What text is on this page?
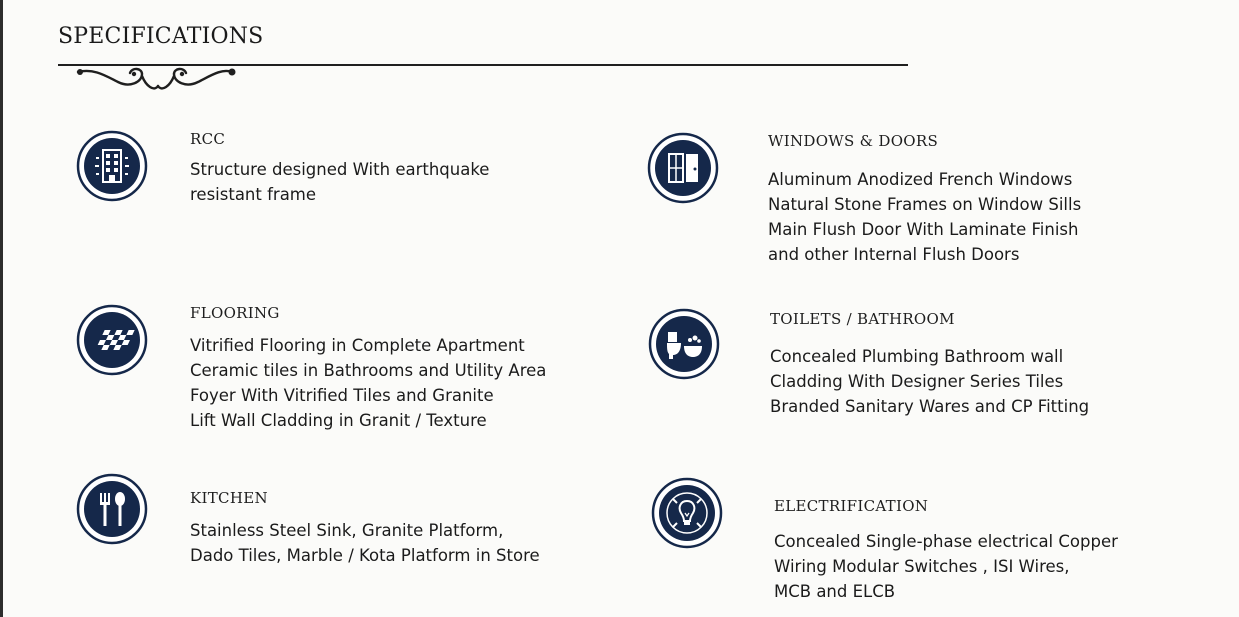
SPECIFICATIONS
RCC
Structure designed With earthquake
resistant frame
WINDOWS & DOORS
Aluminum Anodized French Windows
Natural Stone Frames on Window Sills
Main Flush Door With Laminate Finish
and other Internal Flush Doors
FLOORING
Vitrified Flooring in Complete Apartment
Ceramic tiles in Bathrooms and Utility Area
Foyer With Vitrified Tiles and Granite
Lift Wall Cladding in Granit / Texture
TOILETS / BATHROOM
Concealed Plumbing Bathroom wall
Cladding With Designer Series Tiles
Branded Sanitary Wares and CP Fitting
KITCHEN
Stainless Steel Sink, Granite Platform,
Dado Tiles, Marble / Kota Platform in Store
ELECTRIFICATION
Concealed Single-phase electrical Copper
Wiring Modular Switches , ISI Wires,
MCB and ELCB
